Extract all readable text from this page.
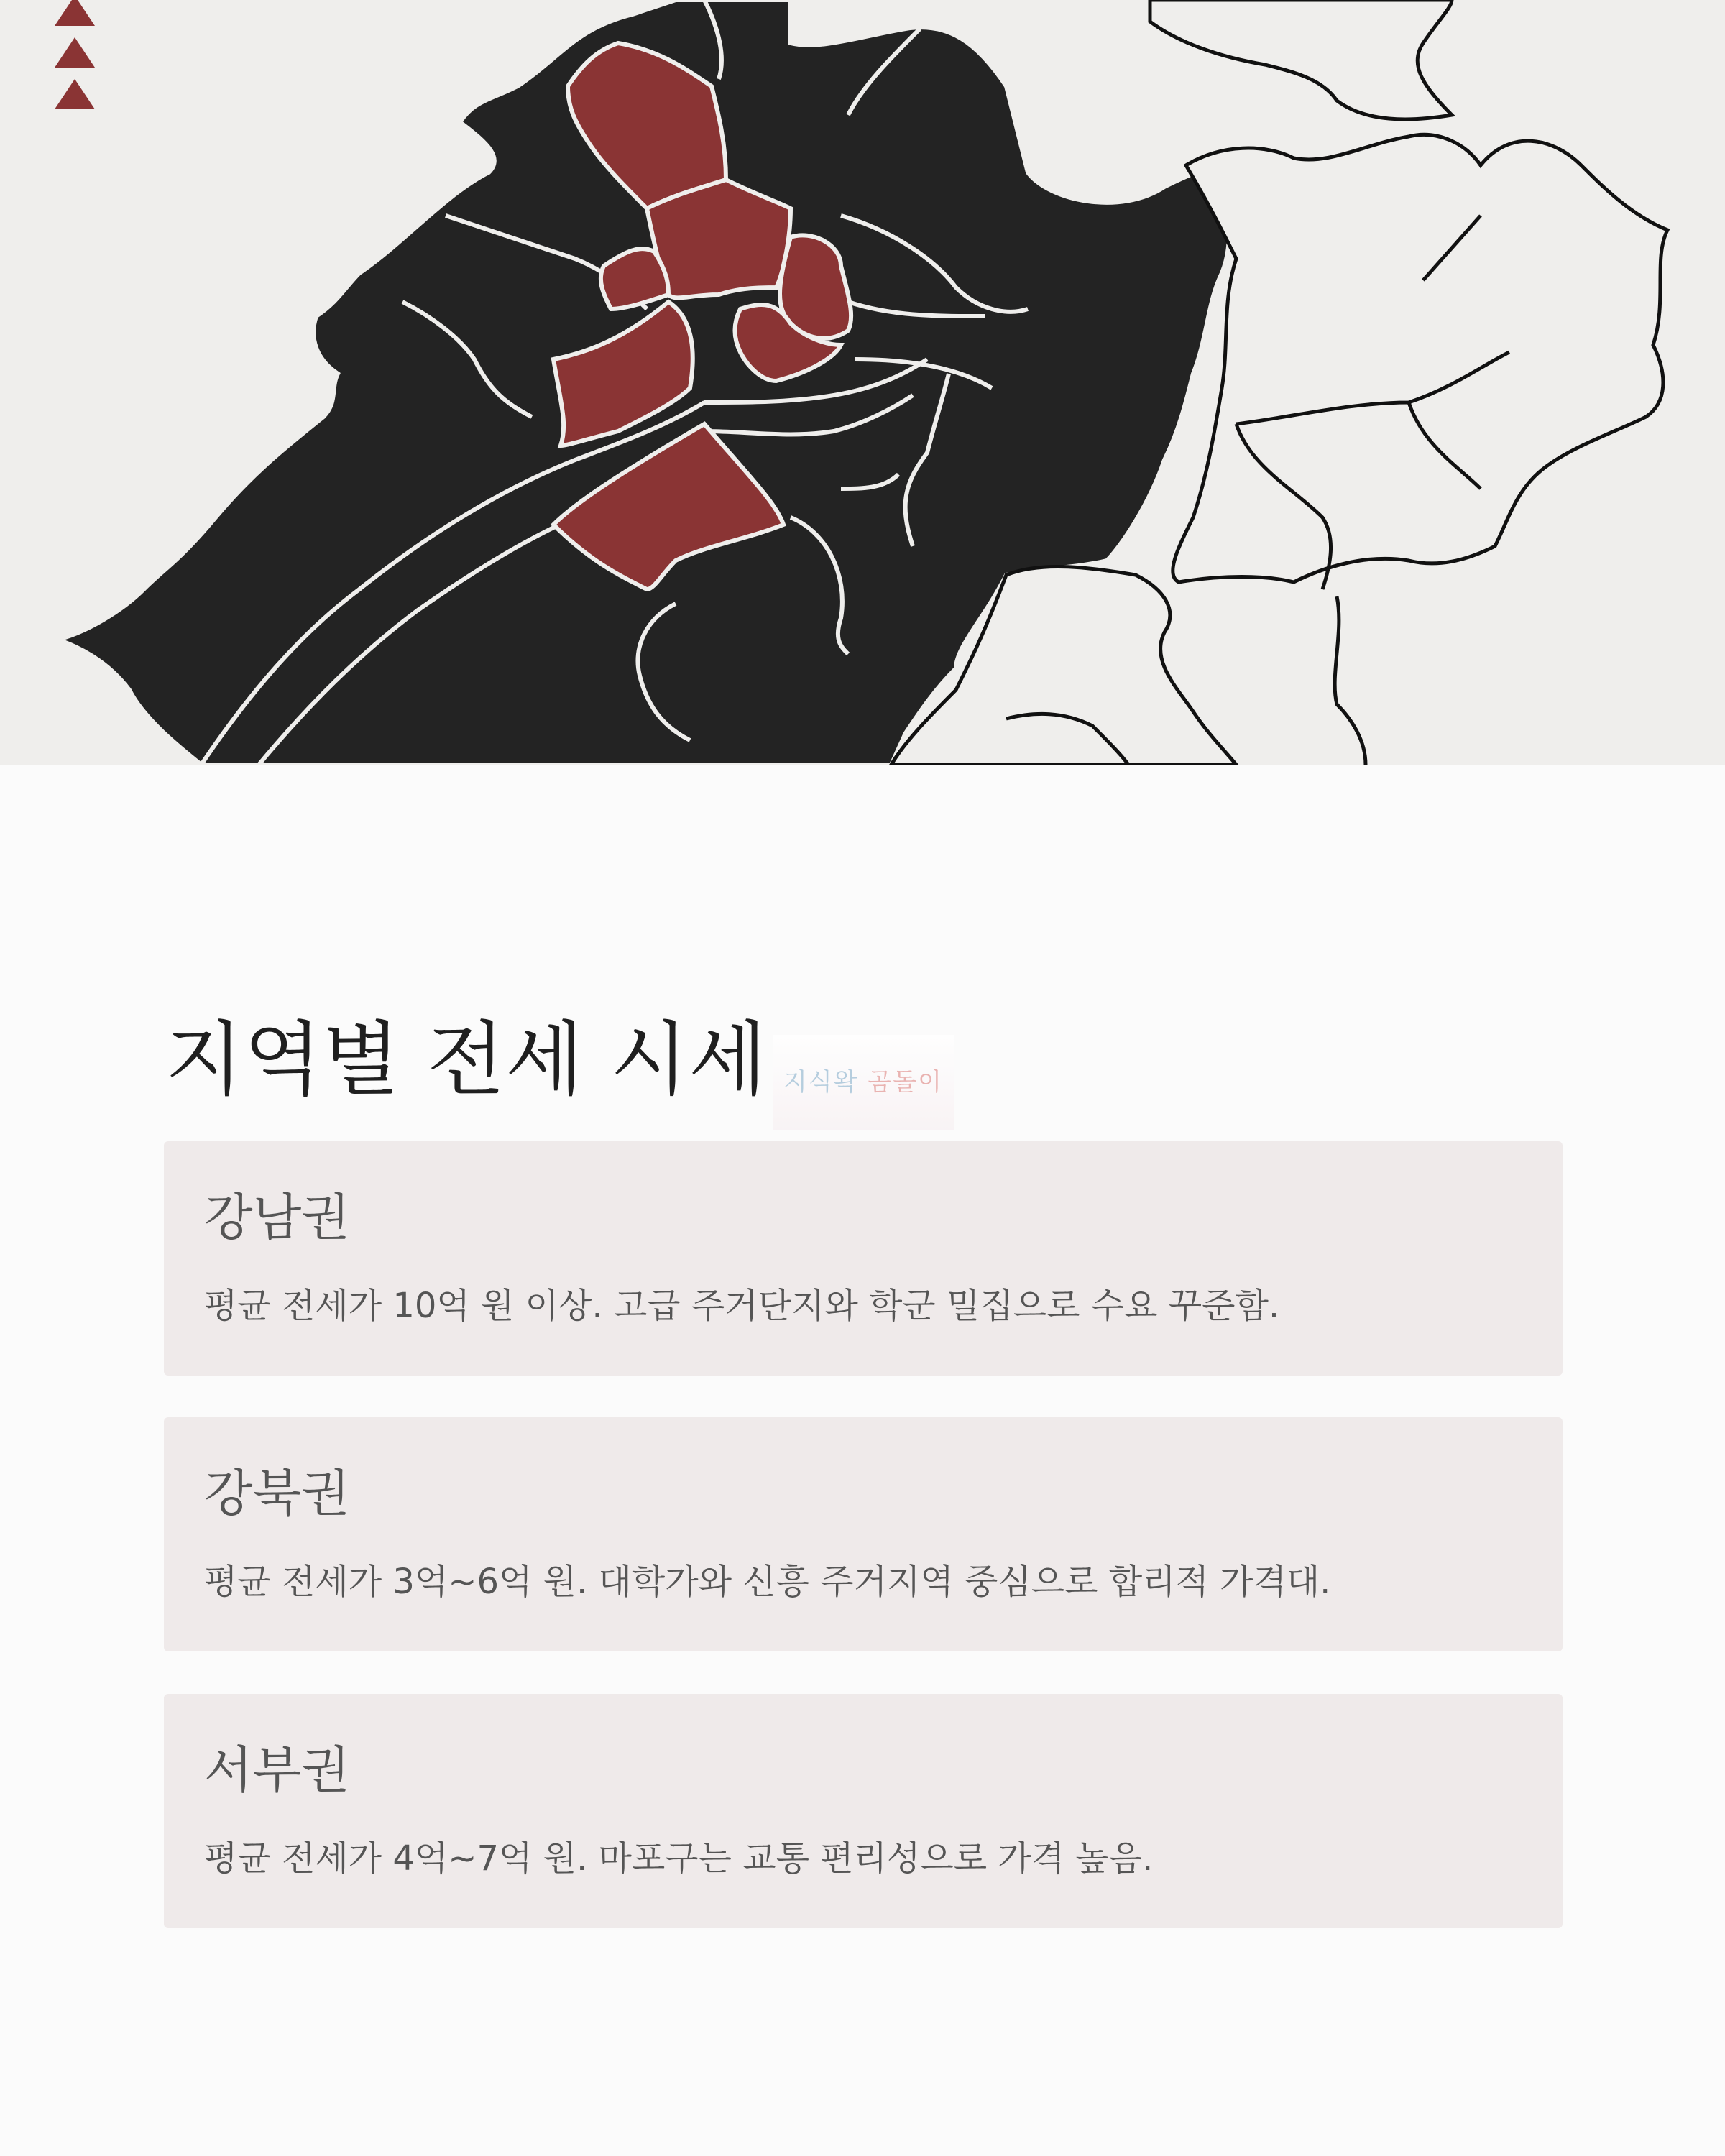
지역별 전세 시세 지식왁 곰돌이
강남권
평균 전세가 10억 원 이상. 고급 주거단지와 학군 밀집으로 수요 꾸준함.
강북권
평균 전세가 3억~6억 원. 대학가와 신흥 주거지역 중심으로 합리적 가격대.
서부권
평균 전세가 4억~7억 원. 마포구는 교통 편리성으로 가격 높음.
